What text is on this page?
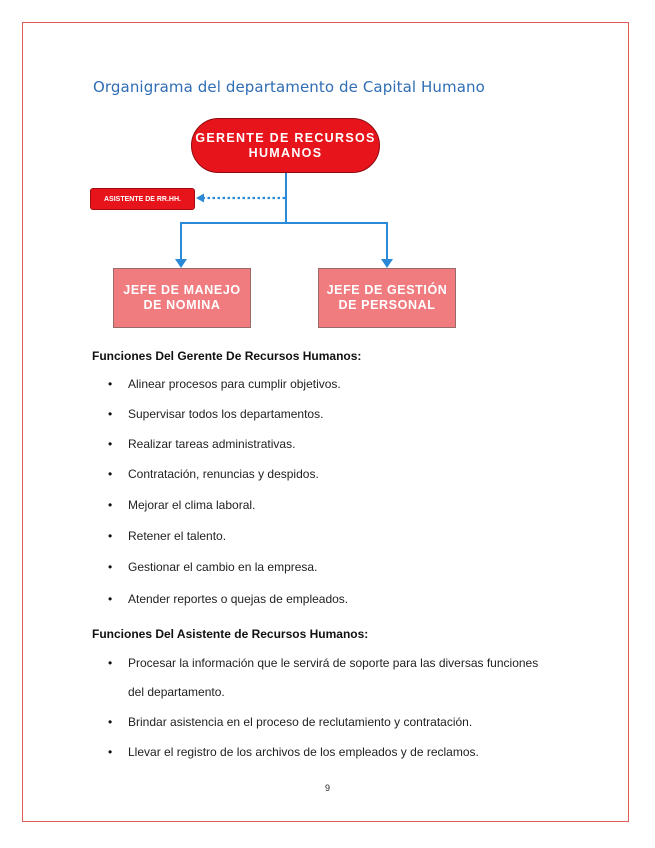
Organigrama del departamento de Capital Humano
GERENTE DE RECURSOS HUMANOS
ASISTENTE DE RR.HH.
JEFE DE MANEJO DE NOMINA
JEFE DE GESTIÓN DE PERSONAL
Funciones Del Gerente De Recursos Humanos:
• Alinear procesos para cumplir objetivos.
• Supervisar todos los departamentos.
• Realizar tareas administrativas.
• Contratación, renuncias y despidos.
• Mejorar el clima laboral.
• Retener el talento.
• Gestionar el cambio en la empresa.
• Atender reportes o quejas de empleados.
Funciones Del Asistente de Recursos Humanos:
• Procesar la información que le servirá de soporte para las diversas funciones
del departamento.
• Brindar asistencia en el proceso de reclutamiento y contratación.
• Llevar el registro de los archivos de los empleados y de reclamos.
9
